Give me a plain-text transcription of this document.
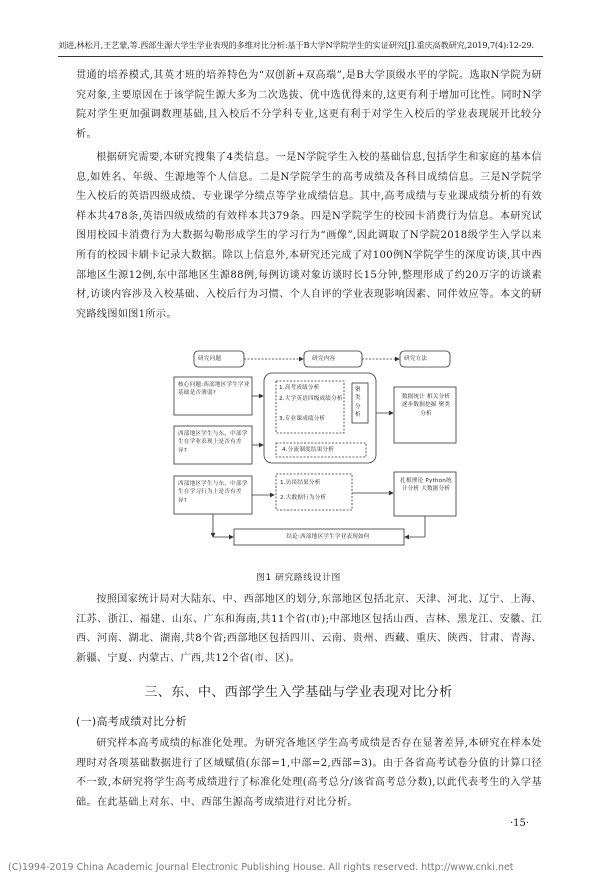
刘进,林松月,王艺蒙,等.西部生源大学生学业表现的多维对比分析:基于B大学N学院学生的实证研究[J].重庆高教研究,2019,7(4):12-29.

贯通的培养模式,其英才班的培养特色为“双创新+双高端”,是B大学顶级水平的学院。选取N学院为研究对象,主要原因在于该学院生源大多为二次选拔、优中选优得来的,这更有利于增加可比性。同时N学院对学生更加强调数理基础,且入校后不分学科专业,这更有利于对学生入校后的学业表现展开比较分析。

根据研究需要,本研究搜集了4类信息。一是N学院学生入校的基础信息,包括学生和家庭的基本信息,如姓名、年级、生源地等个人信息。二是N学院学生的高考成绩及各科目成绩信息。三是N学院学生入校后的英语四级成绩、专业课学分绩点等学业成绩信息。其中,高考成绩与专业课成绩分析的有效样本共478条,英语四级成绩的有效样本共379条。四是N学院学生的校园卡消费行为信息。本研究试图用校园卡消费行为大数据勾勒形成学生的学习行为“画像”,因此调取了N学院2018级学生入学以来所有的校园卡刷卡记录大数据。除以上信息外,本研究还完成了对100例N学院学生的深度访谈,其中西部地区生源12例,东中部地区生源88例,每例访谈对象访谈时长15分钟,整理形成了约20万字的访谈素材,访谈内容涉及入校基础、入校后行为习惯、个人自评的学业表现影响因素、同伴效应等。本文的研究路线图如图1所示。

研究问题	研究内容	研究方法
核心问题:西部地区学生学业基础是否薄弱?
西部地区学生与东、中部学生在学业表现上是否有差异?
西部地区学生与东、中部学生在学习行为上是否有差异?
1.高考成绩分析
2.大学英语四级成绩分析
3.专业课成绩分析
聚类分析
4.分流制度结果分析
1.访谈结果分析
2.大数据行为分析
数据统计 相关分析 逐步数据挖掘 聚类分析
扎根理论 Python统计分析 大数据分析
结论:西部地区学生学业表现如何
图1 研究路线设计图

按照国家统计局对大陆东、中、西部地区的划分,东部地区包括北京、天津、河北、辽宁、上海、江苏、浙江、福建、山东、广东和海南,共11个省(市);中部地区包括山西、吉林、黑龙江、安徽、江西、河南、湖北、湖南,共8个省;西部地区包括四川、云南、贵州、西藏、重庆、陕西、甘肃、青海、新疆、宁夏、内蒙古、广西,共12个省(市、区)。

三、东、中、西部学生入学基础与学业表现对比分析
(一)高考成绩对比分析

研究样本高考成绩的标准化处理。为研究各地区学生高考成绩是否存在显著差异,本研究在样本处理时对各项基础数据进行了区域赋值(东部=1,中部=2,西部=3)。由于各省高考试卷分值的计算口径不一致,本研究将学生高考成绩进行了标准化处理(高考总分/该省高考总分数),以此代表考生的入学基础。在此基础上对东、中、西部生源高考成绩进行对比分析。

·15·
(C)1994-2019 China Academic Journal Electronic Publishing House. All rights reserved. http://www.cnki.net
